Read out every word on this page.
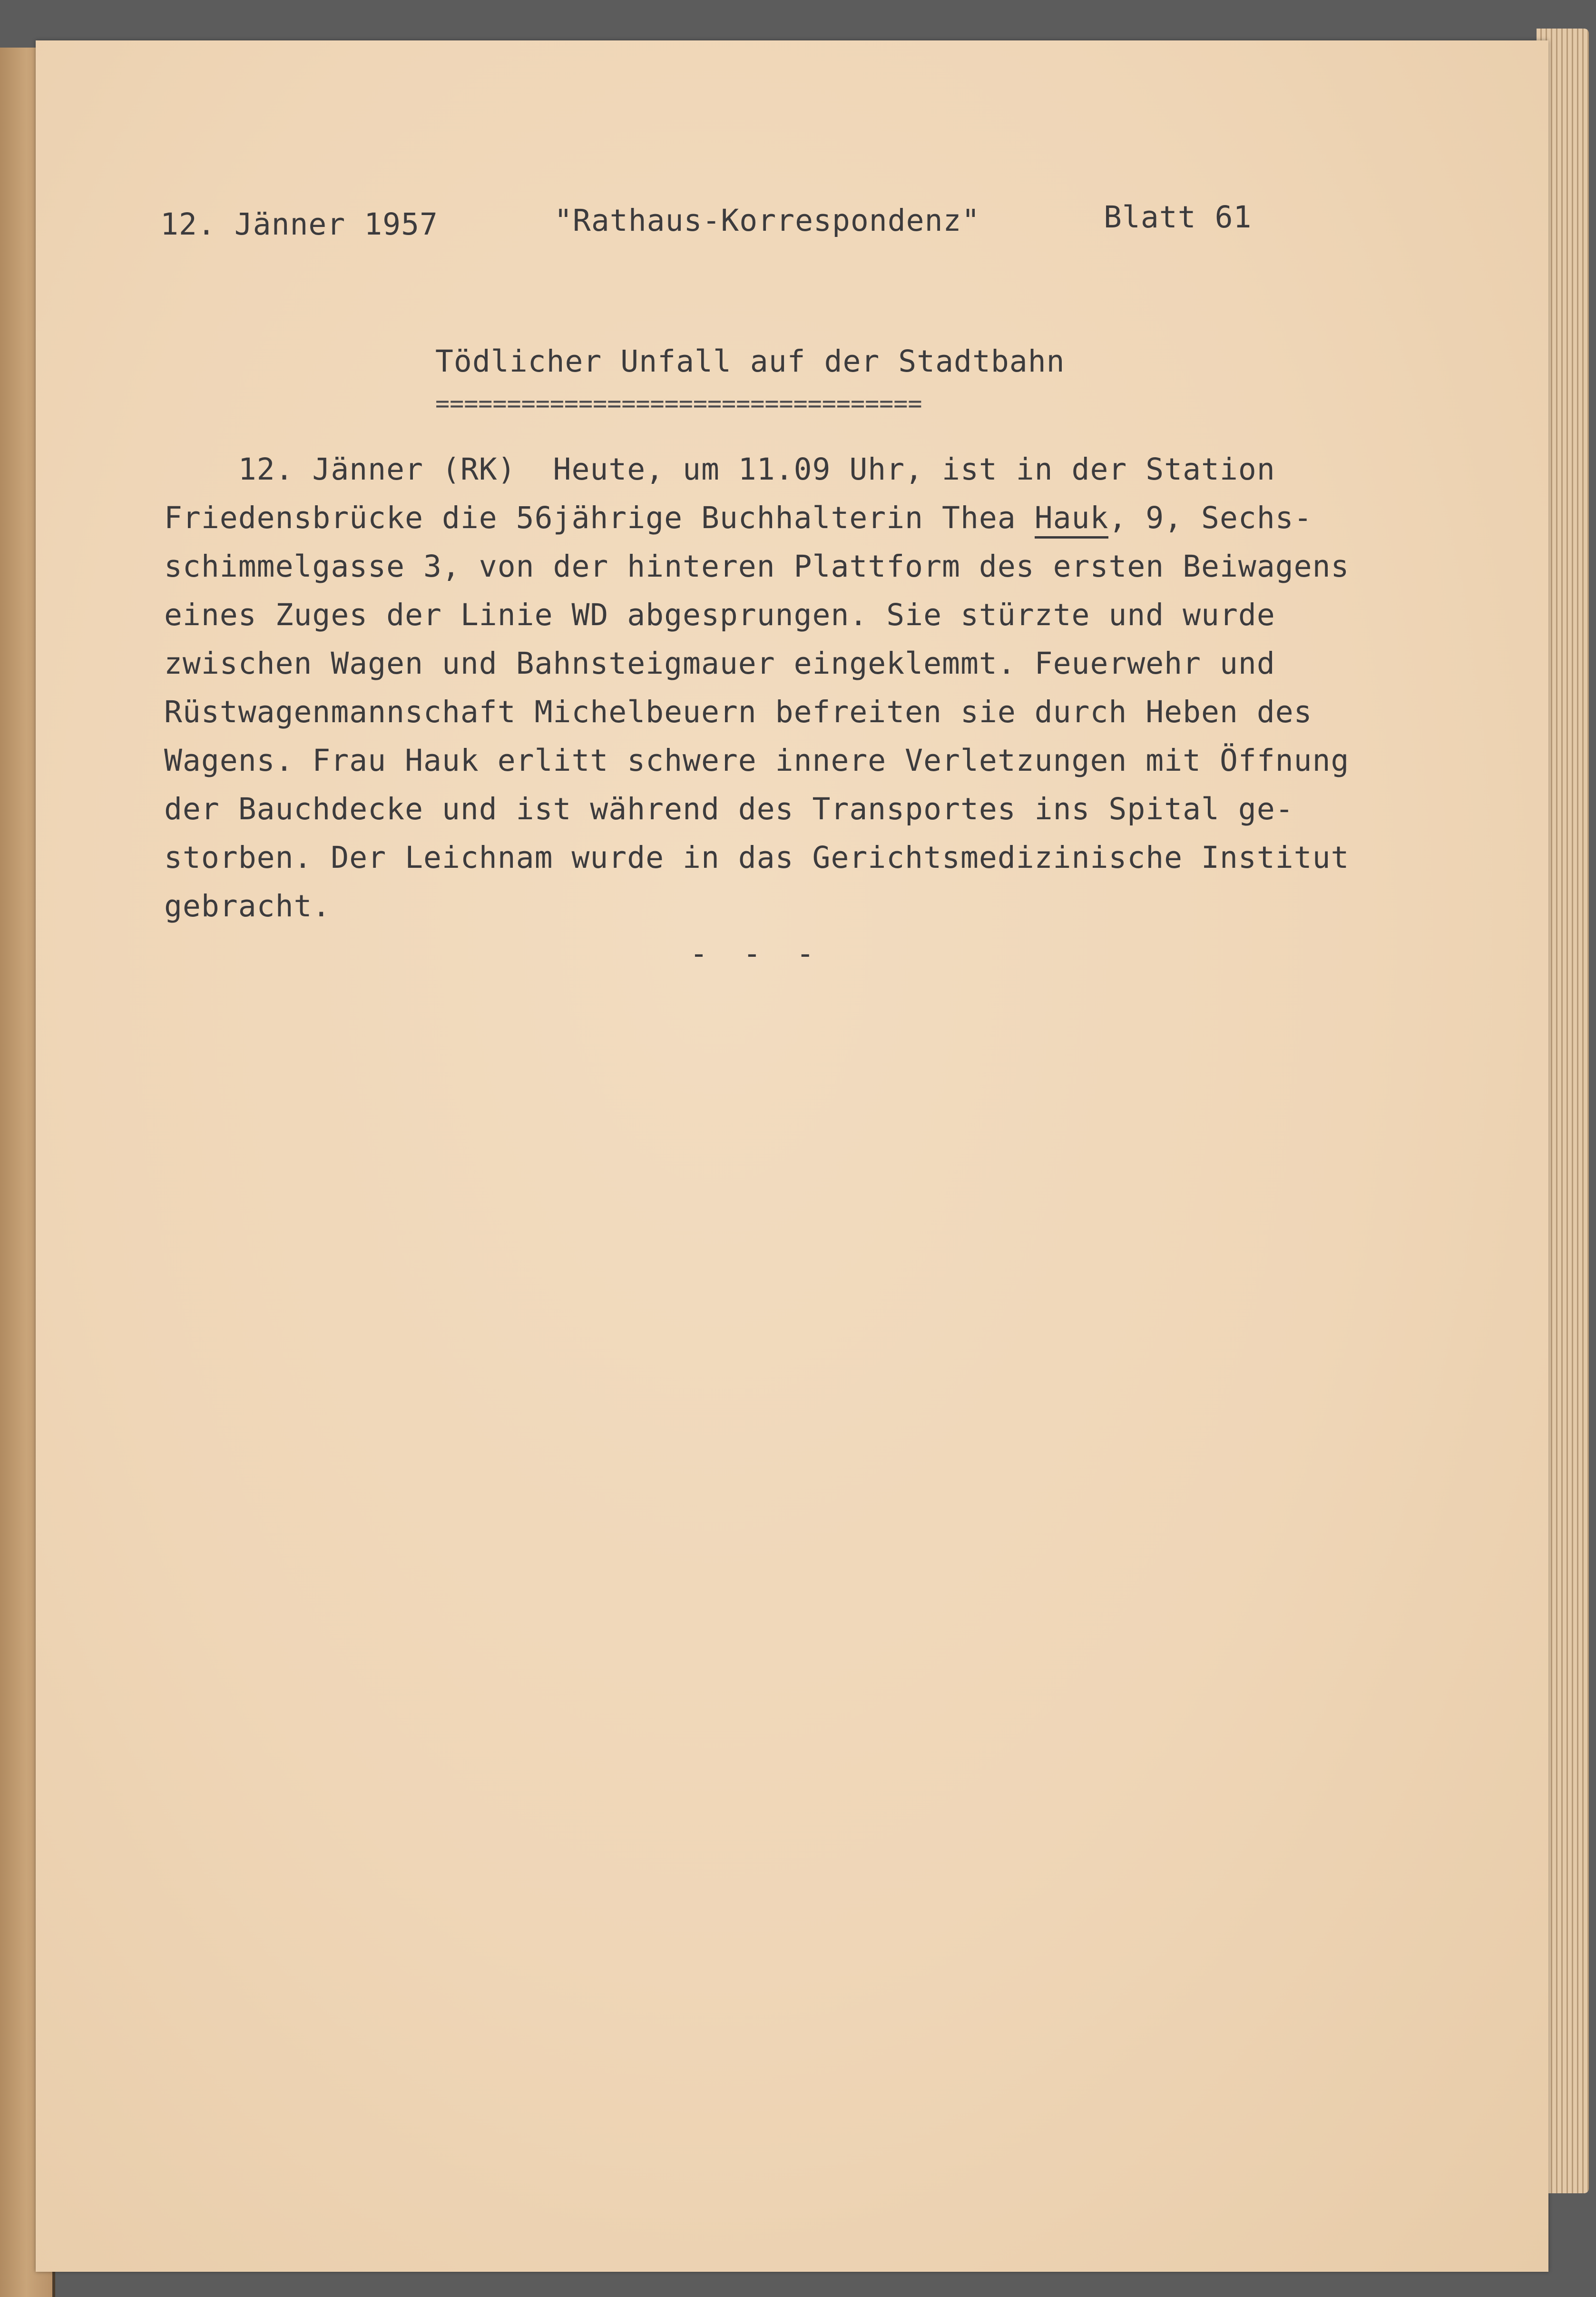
12. Jänner 1957	"Rathaus-Korrespondenz"	Blatt 61
Tödlicher Unfall auf der Stadtbahn
==================================
12. Jänner (RK)  Heute, um 11.09 Uhr, ist in der Station
Friedensbrücke die 56jährige Buchhalterin Thea Hauk, 9, Sechs-
schimmelgasse 3, von der hinteren Plattform des ersten Beiwagens
eines Zuges der Linie WD abgesprungen. Sie stürzte und wurde
zwischen Wagen und Bahnsteigmauer eingeklemmt. Feuerwehr und
Rüstwagenmannschaft Michelbeuern befreiten sie durch Heben des
Wagens. Frau Hauk erlitt schwere innere Verletzungen mit Öffnung
der Bauchdecke und ist während des Transportes ins Spital ge-
storben. Der Leichnam wurde in das Gerichtsmedizinische Institut
gebracht.
- - -
